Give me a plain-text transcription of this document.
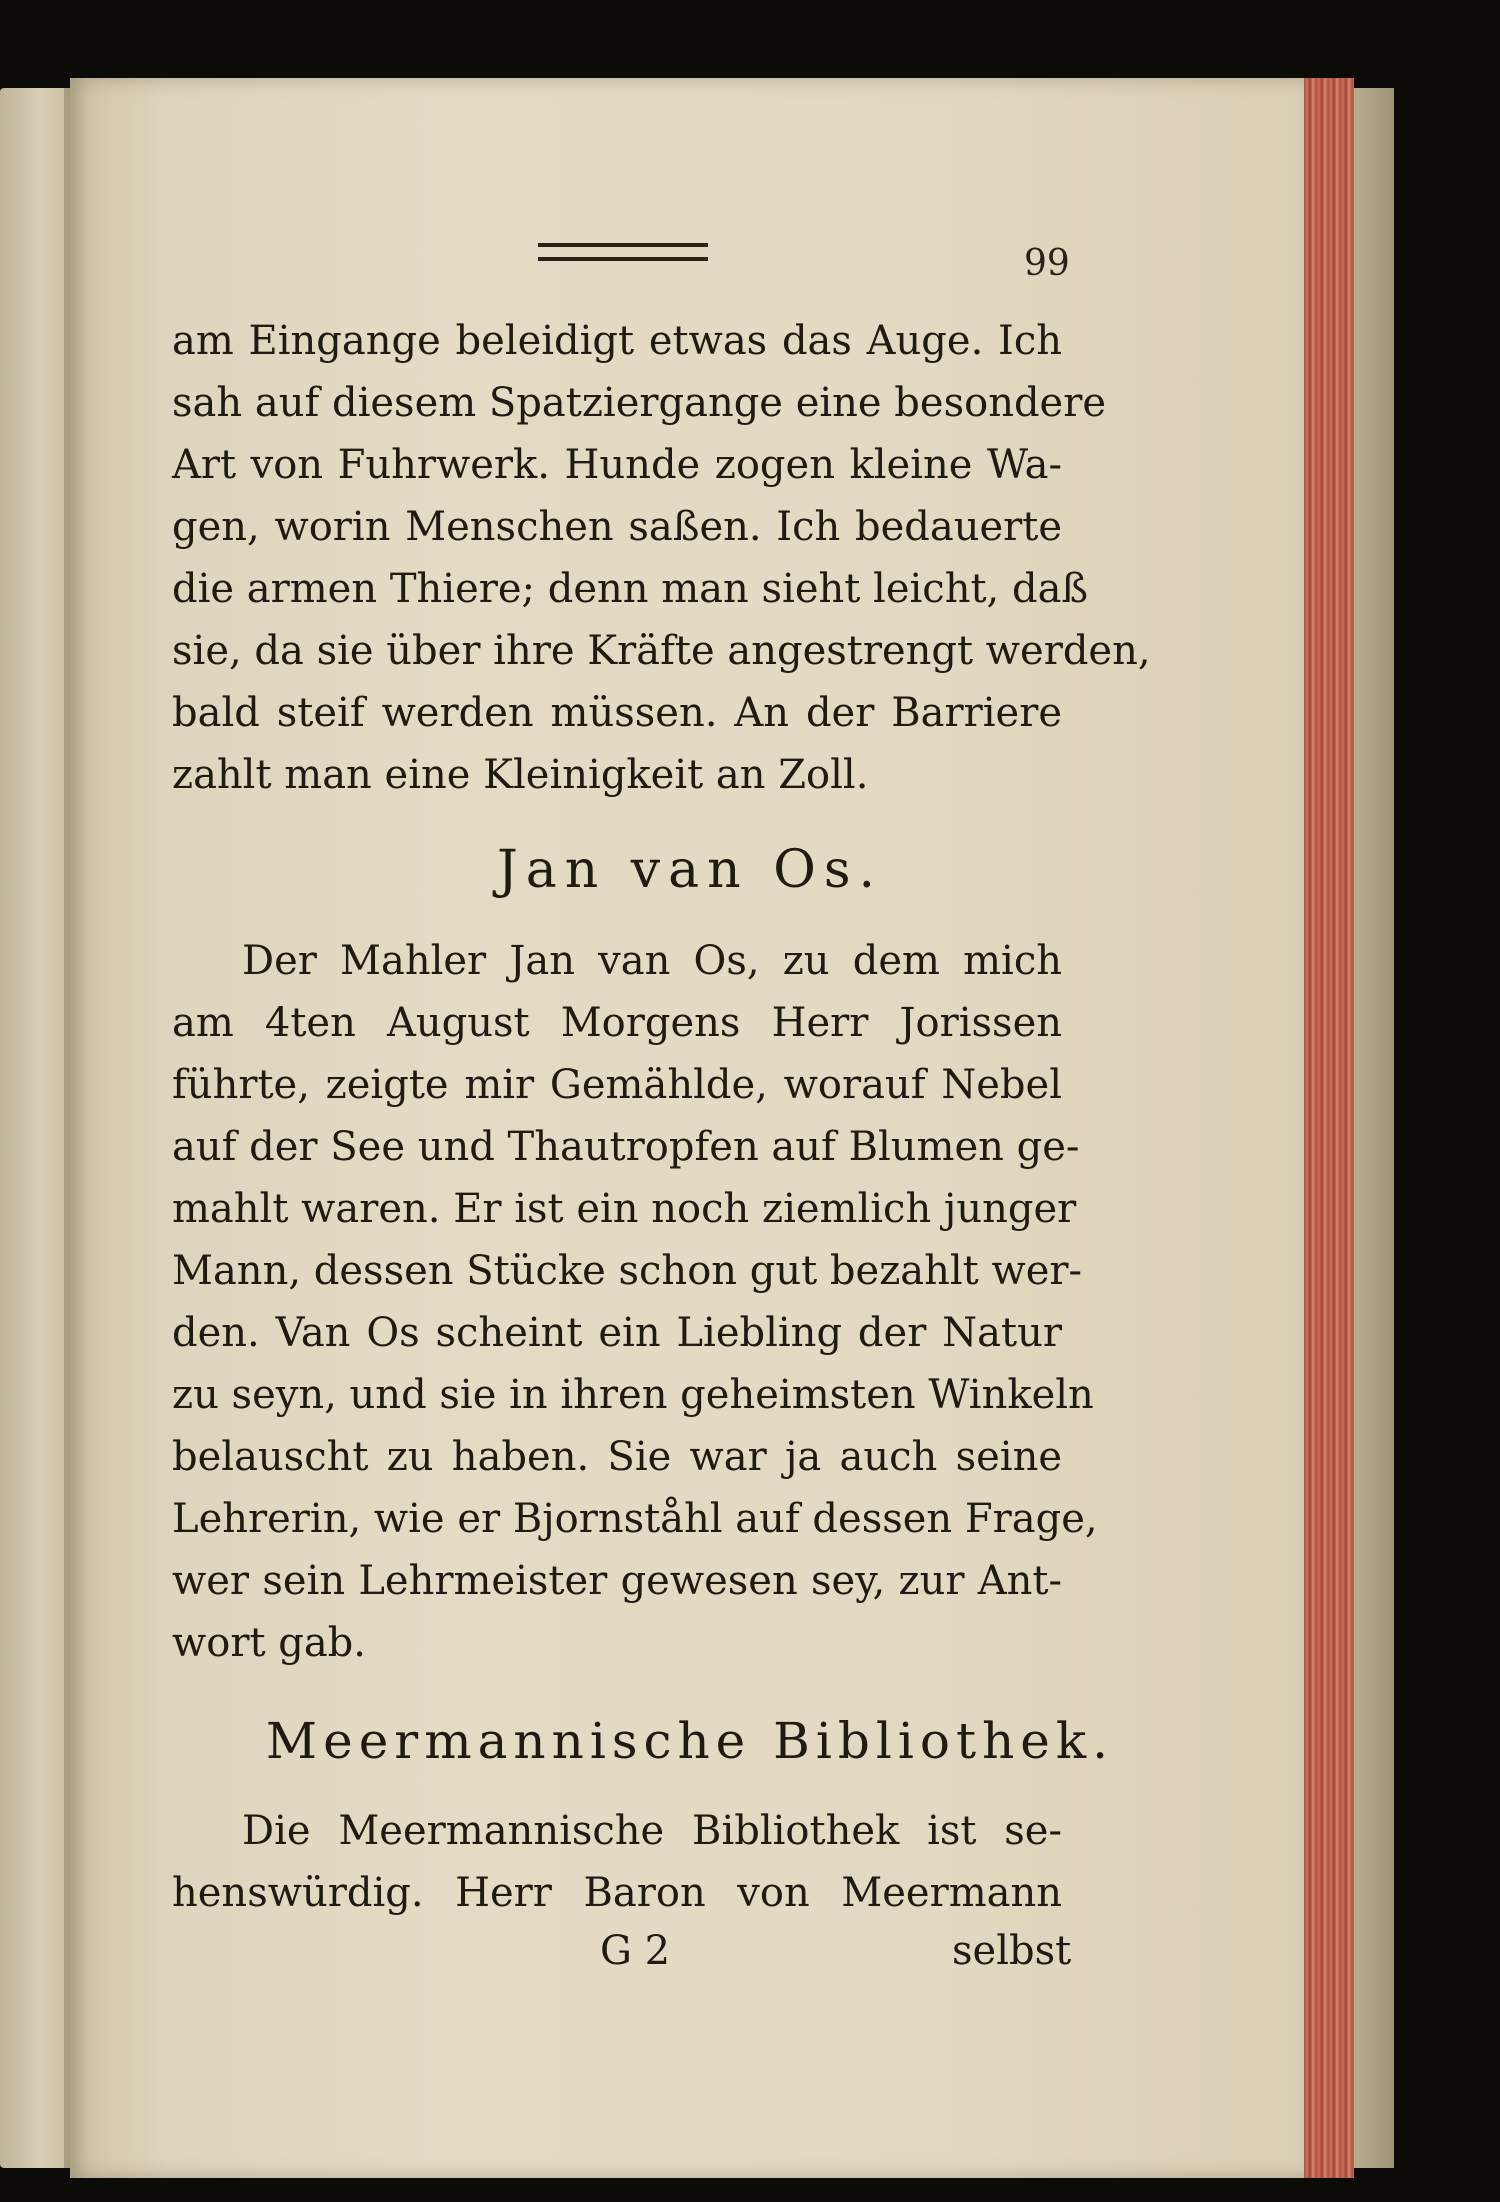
99
am Eingange beleidigt etwas das Auge. Ich
sah auf diesem Spatziergange eine besondere
Art von Fuhrwerk. Hunde zogen kleine Wa-
gen, worin Menschen saßen. Ich bedauerte
die armen Thiere; denn man sieht leicht, daß
sie, da sie über ihre Kräfte angestrengt werden,
bald steif werden müssen. An der Barriere
zahlt man eine Kleinigkeit an Zoll.
Jan van Os.
Der Mahler Jan van Os, zu dem mich
am 4ten August Morgens Herr Jorissen
führte, zeigte mir Gemählde, worauf Nebel
auf der See und Thautropfen auf Blumen ge-
mahlt waren. Er ist ein noch ziemlich junger
Mann, dessen Stücke schon gut bezahlt wer-
den. Van Os scheint ein Liebling der Natur
zu seyn, und sie in ihren geheimsten Winkeln
belauscht zu haben. Sie war ja auch seine
Lehrerin, wie er Bjornståhl auf dessen Frage,
wer sein Lehrmeister gewesen sey, zur Ant-
wort gab.
Meermannische Bibliothek.
Die Meermannische Bibliothek ist se-
henswürdig. Herr Baron von Meermann
G 2	selbst
